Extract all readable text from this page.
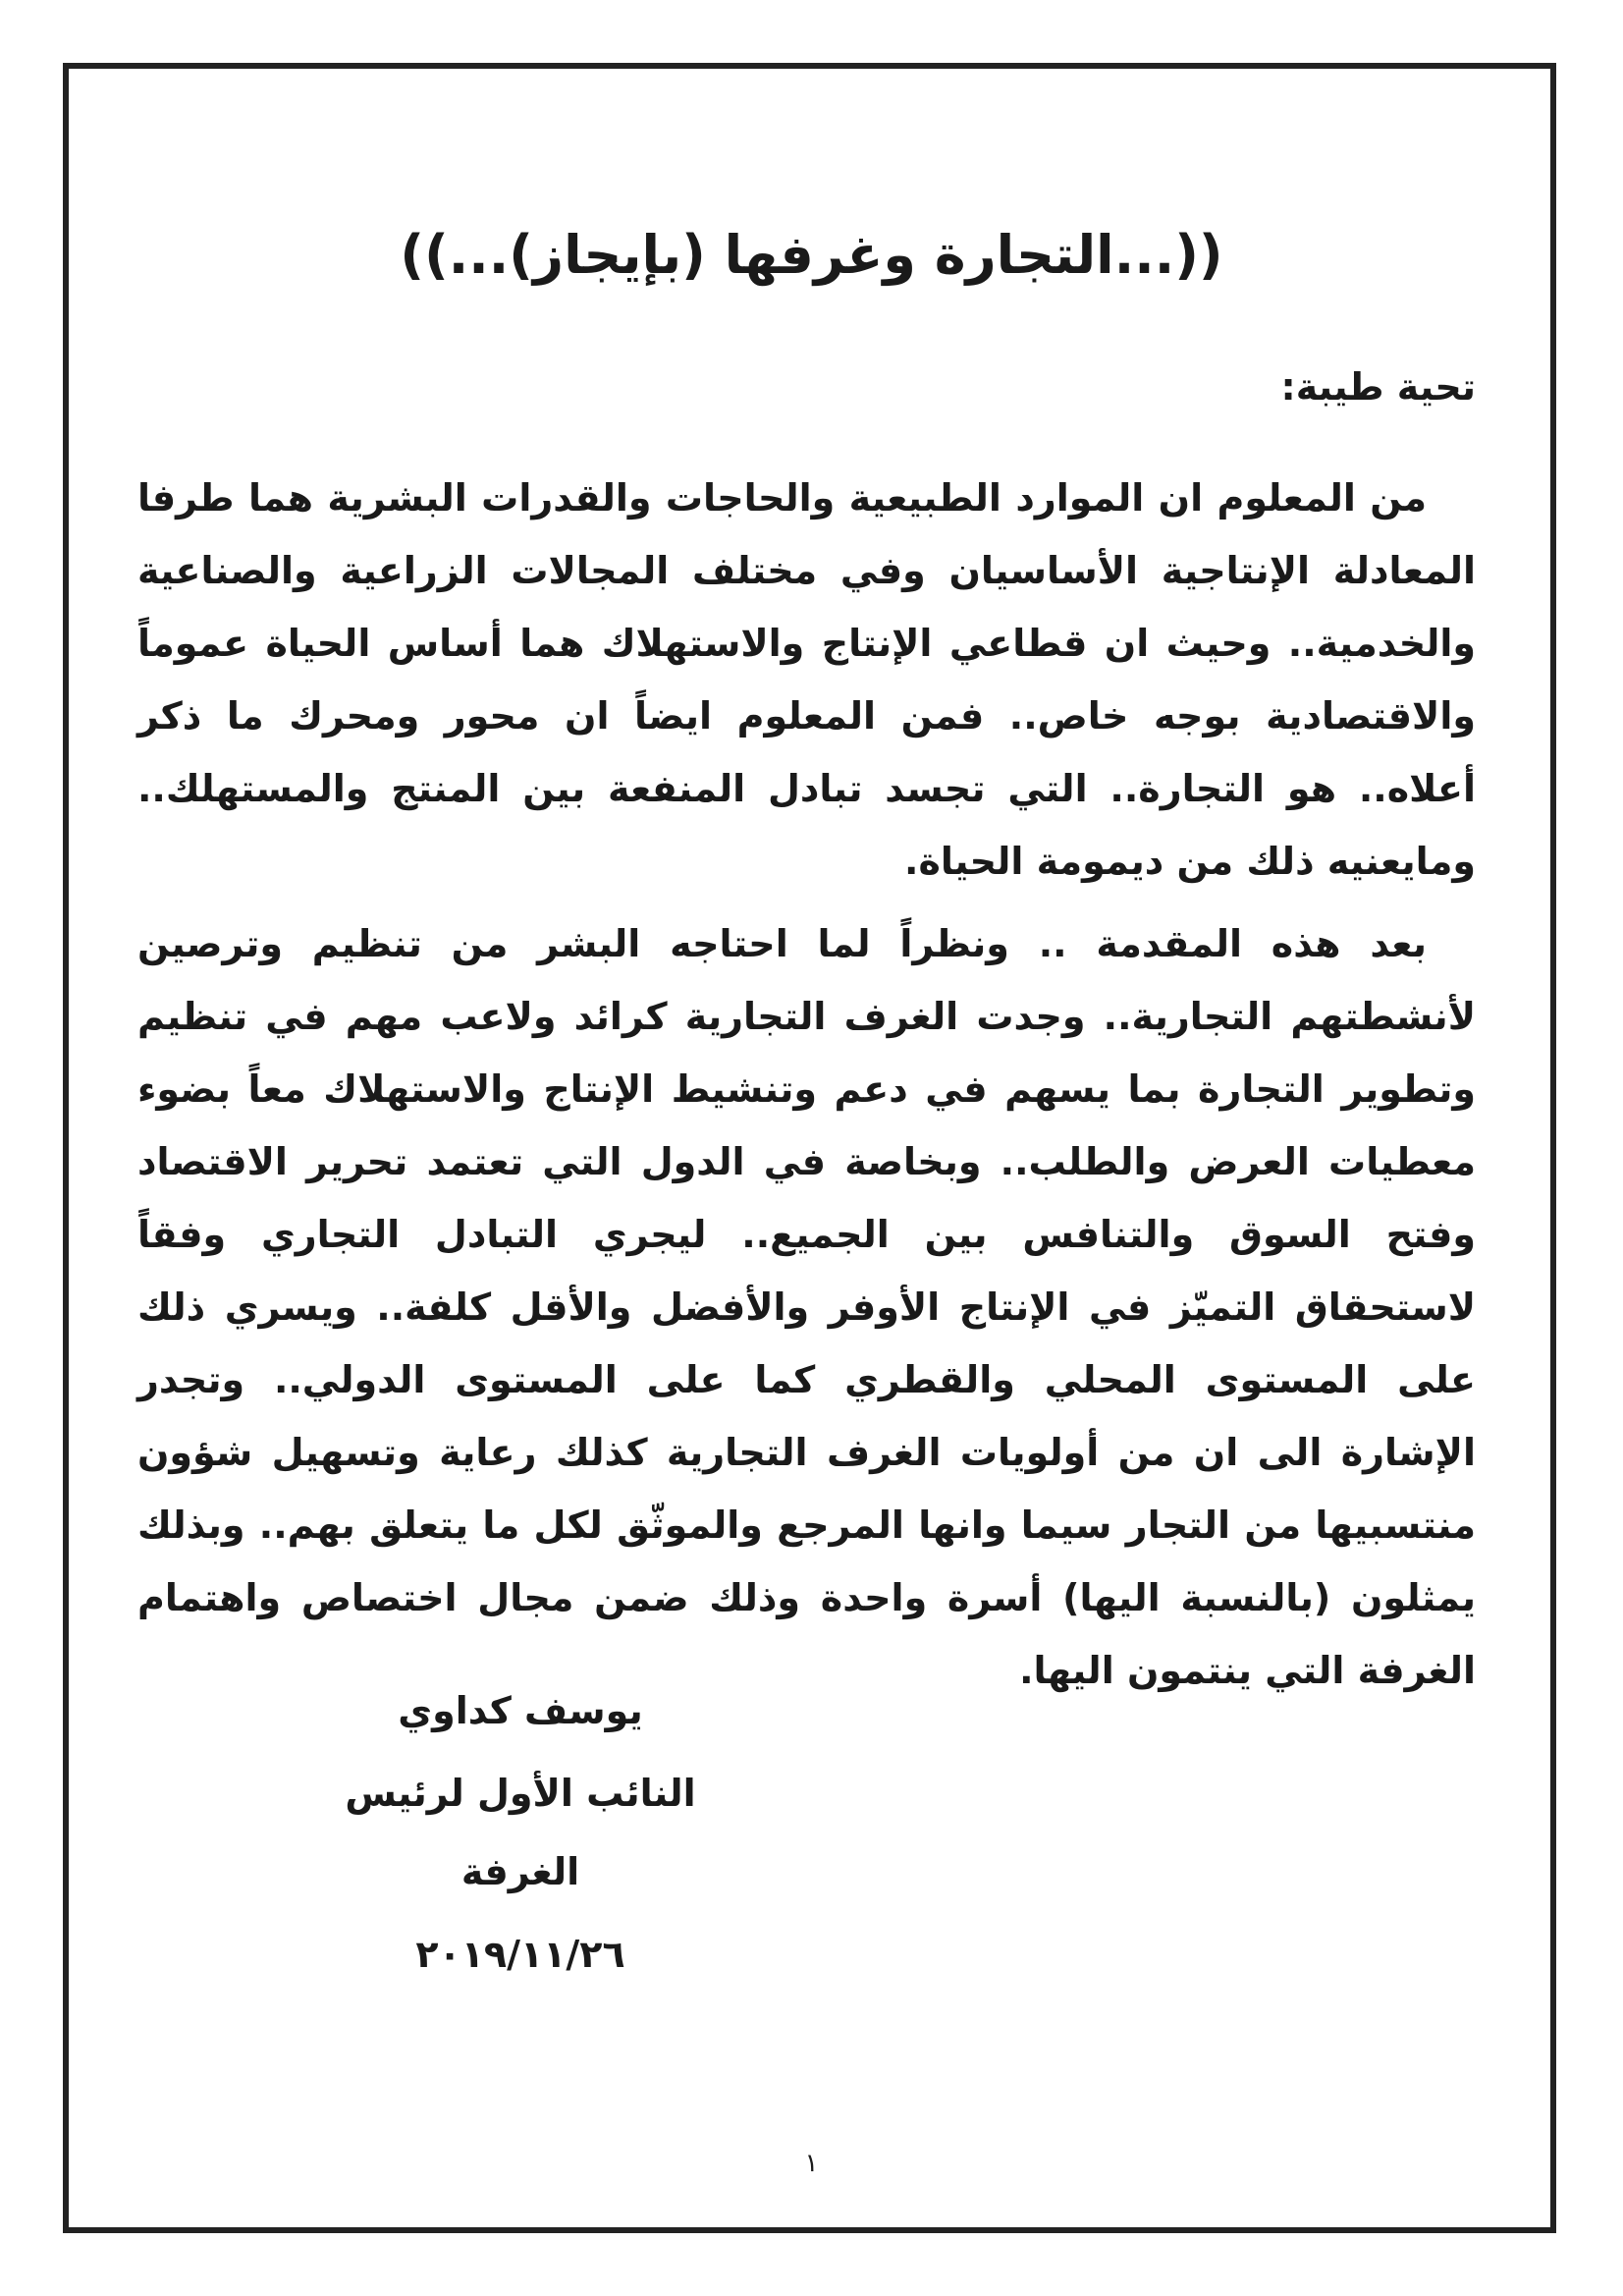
((...التجارة وغرفها (بإيجاز)...))
تحية طيبة:

من المعلوم ان الموارد الطبيعية والحاجات والقدرات البشرية هما طرفا المعادلة الإنتاجية الأساسيان وفي مختلف المجالات الزراعية والصناعية والخدمية.. وحيث ان قطاعي الإنتاج والاستهلاك هما أساس الحياة عموماً والاقتصادية بوجه خاص.. فمن المعلوم ايضاً ان محور ومحرك ما ذكر أعلاه.. هو التجارة.. التي تجسد تبادل المنفعة بين المنتج والمستهلك.. ومايعنيه ذلك من ديمومة الحياة.

بعد هذه المقدمة .. ونظراً لما احتاجه البشر من تنظيم وترصين لأنشطتهم التجارية.. وجدت الغرف التجارية كرائد ولاعب مهم في تنظيم وتطوير التجارة بما يسهم في دعم وتنشيط الإنتاج والاستهلاك معاً بضوء معطيات العرض والطلب.. وبخاصة في الدول التي تعتمد تحرير الاقتصاد وفتح السوق والتنافس بين الجميع.. ليجري التبادل التجاري وفقاً لاستحقاق التميّز في الإنتاج الأوفر والأفضل والأقل كلفة.. ويسري ذلك على المستوى المحلي والقطري كما على المستوى الدولي.. وتجدر الإشارة الى ان من أولويات الغرف التجارية كذلك رعاية وتسهيل شؤون منتسبيها من التجار سيما وانها المرجع والموثّق لكل ما يتعلق بهم.. وبذلك يمثلون (بالنسبة اليها) أسرة واحدة وذلك ضمن مجال اختصاص واهتمام الغرفة التي ينتمون اليها.

يوسف كداوي
النائب الأول لرئيس الغرفة
٢٠١٩/١١/٢٦
١
